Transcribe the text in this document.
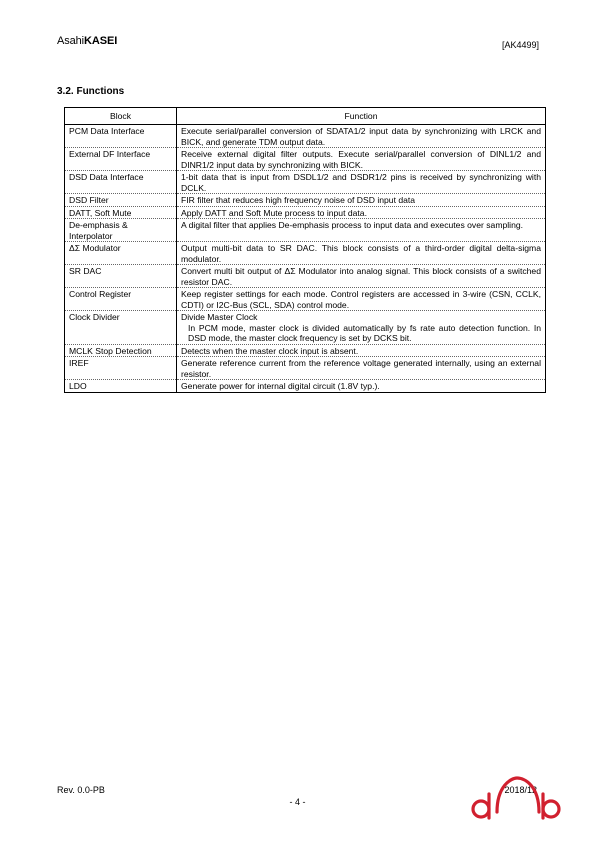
AsahiKASEI	[AK4499]
3.2. Functions
Block	Function

PCM Data Interface	Execute serial/parallel conversion of SDATA1/2 input data by synchronizing with LRCK and BICK, and generate TDM output data.

External DF Interface	Receive external digital filter outputs. Execute serial/parallel conversion of DINL1/2 and DINR1/2 input data by synchronizing with BICK.

DSD Data Interface	1-bit data that is input from DSDL1/2 and DSDR1/2 pins is received by synchronizing with DCLK.

DSD Filter	FIR filter that reduces high frequency noise of DSD input data

DATT, Soft Mute	Apply DATT and Soft Mute process to input data.

De-emphasis &
Interpolator	A digital filter that applies De-emphasis process to input data and executes over sampling.

ΔΣ Modulator	Output multi-bit data to SR DAC. This block consists of a third-order digital delta-sigma modulator.

SR DAC	Convert multi bit output of ΔΣ Modulator into analog signal. This block consists of a switched resistor DAC.

Control Register	Keep register settings for each mode. Control registers are accessed in 3-wire (CSN, CCLK, CDTI) or I2C-Bus (SCL, SDA) control mode.

Clock Divider	Divide Master Clock
In PCM mode, master clock is divided automatically by fs rate auto detection function. In DSD mode, the master clock frequency is set by DCKS bit.

MCLK Stop Detection	Detects when the master clock input is absent.

IREF	Generate reference current from the reference voltage generated internally, using an external resistor.

LDO	Generate power for internal digital circuit (1.8V typ.).
Rev. 0.0-PB
- 4 -
2018/12
